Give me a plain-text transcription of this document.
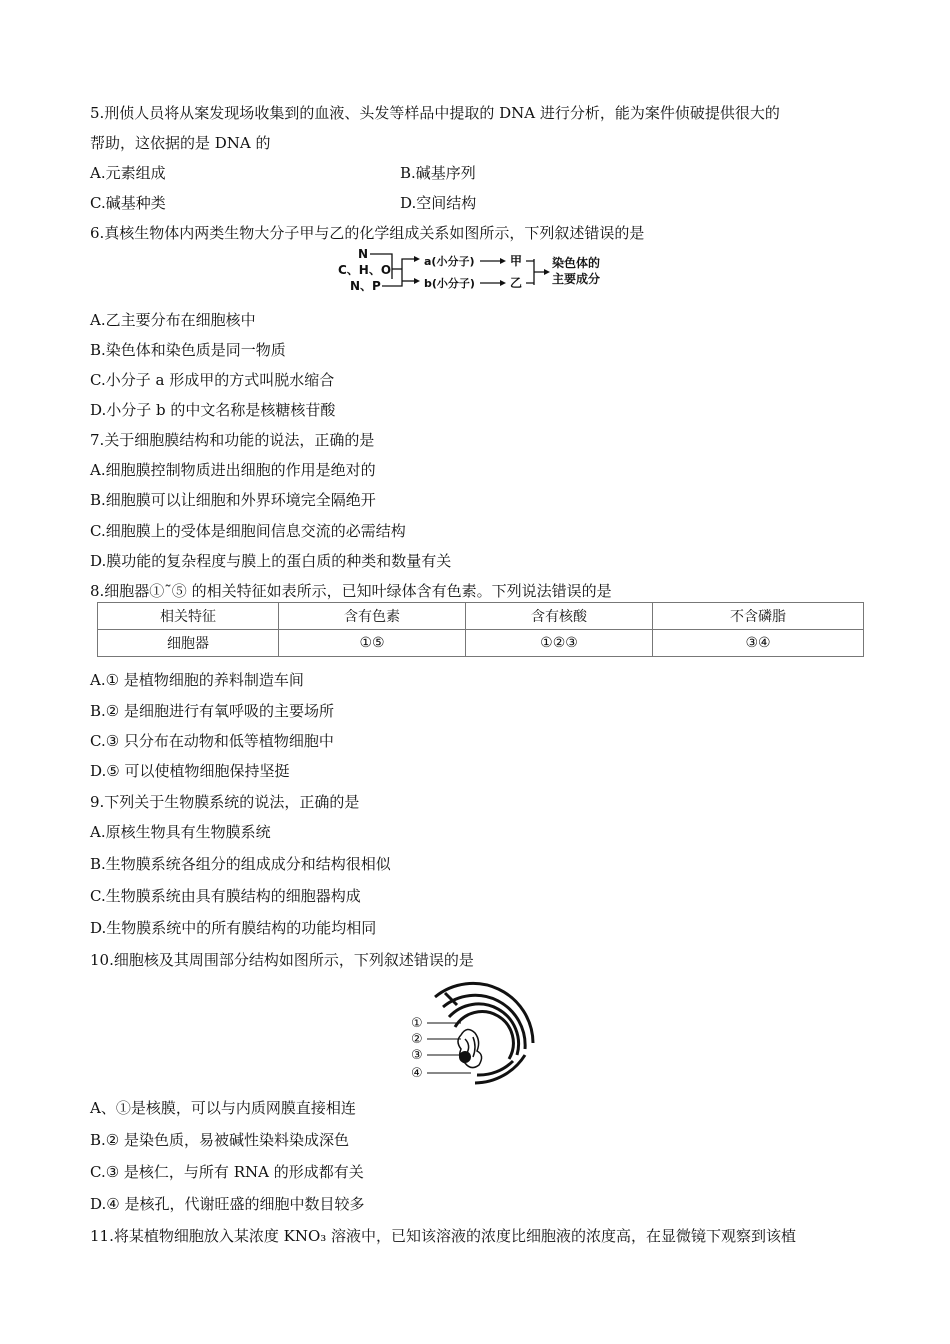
5.刑侦人员将从案发现场收集到的血液、头发等样品中提取的 DNA 进行分析，能为案件侦破提供很大的
帮助，这依据的是 DNA 的
A.元素组成	B.碱基序列
C.碱基种类	D.空间结构
6.真核生物体内两类生物大分子甲与乙的化学组成关系如图所示，下列叙述错误的是
N
C、H、O
N、P
a(小分子)
b(小分子)
甲
乙
染色体的
主要成分
A.乙主要分布在细胞核中
B.染色体和染色质是同一物质
C.小分子 a 形成甲的方式叫脱水缩合
D.小分子 b 的中文名称是核糖核苷酸
7.关于细胞膜结构和功能的说法，正确的是
A.细胞膜控制物质进出细胞的作用是绝对的
B.细胞膜可以让细胞和外界环境完全隔绝开
C.细胞膜上的受体是细胞间信息交流的必需结构
D.膜功能的复杂程度与膜上的蛋白质的种类和数量有关
8.细胞器①˜⑤ 的相关特征如表所示，已知叶绿体含有色素。下列说法错误的是
相关特征	含有色素	含有核酸	不含磷脂
细胞器	①⑤	①②③	③④
A.① 是植物细胞的养料制造车间
B.② 是细胞进行有氧呼吸的主要场所
C.③ 只分布在动物和低等植物细胞中
D.⑤ 可以使植物细胞保持坚挺
9.下列关于生物膜系统的说法，正确的是
A.原核生物具有生物膜系统
B.生物膜系统各组分的组成成分和结构很相似
C.生物膜系统由具有膜结构的细胞器构成
D.生物膜系统中的所有膜结构的功能均相同
10.细胞核及其周围部分结构如图所示，下列叙述错误的是
①
②
③
④
A、①是核膜，可以与内质网膜直接相连
B.② 是染色质，易被碱性染料染成深色
C.③ 是核仁，与所有 RNA 的形成都有关
D.④ 是核孔，代谢旺盛的细胞中数目较多
11.将某植物细胞放入某浓度 KNO₃ 溶液中，已知该溶液的浓度比细胞液的浓度高，在显微镜下观察到该植
